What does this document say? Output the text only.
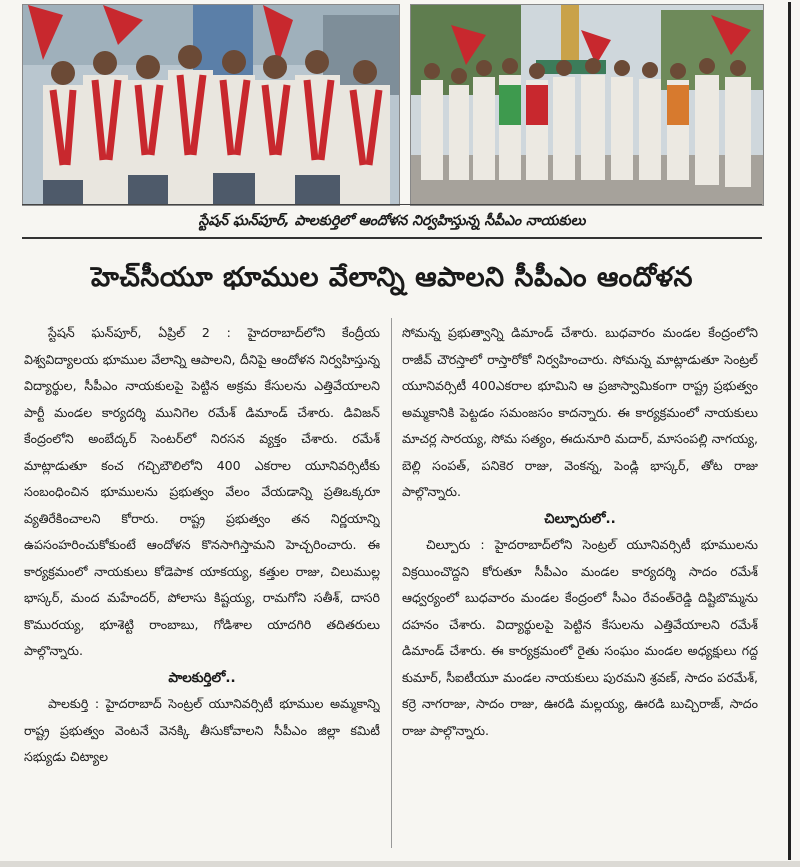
స్టేషన్ ఘన్‌పూర్, పాలకుర్తిలో ఆందోళన నిర్వహిస్తున్న సీపీఎం నాయకులు
హెచ్‌సీయూ భూముల వేలాన్ని ఆపాలని సీపీఎం ఆందోళన

స్టేషన్ ఘన్‌పూర్, ఏప్రిల్ 2 : హైదరాబాద్‌లోని కేంద్రీయ విశ్వవిద్యాలయ భూముల వేలాన్ని ఆపాలని, దీనిపై ఆందోళన నిర్వహిస్తున్న విద్యార్థుల, సీపీఎం నాయకులపై పెట్టిన అక్రమ కేసులను ఎత్తివేయాలని పార్టీ మండల కార్యదర్శి మునిగెల రమేశ్ డిమాండ్ చేశారు. డివిజన్ కేంద్రంలోని అంబేద్కర్ సెంటర్‌లో నిరసన వ్యక్తం చేశారు. రమేశ్ మాట్లాడుతూ కంచ గచ్చిబౌలిలోని 400 ఎకరాల యూనివర్సిటీకు సంబంధించిన భూములను ప్రభుత్వం వేలం వేయడాన్ని ప్రతిఒక్కరూ వ్యతిరేకించాలని కోరారు. రాష్ట్ర ప్రభుత్వం తన నిర్ణయాన్ని ఉపసంహరించుకోకుంటే ఆందోళన కొనసాగిస్తామని హెచ్చరించారు. ఈ కార్యక్రమంలో నాయకులు కోడెపాక యాకయ్య, కత్తుల రాజు, చిలుముల్ల భాస్కర్, మంద మహేందర్, పోలాసు కిష్టయ్య, రామగోని సతీశ్, దాసరి కొమురయ్య, భూశెట్టి రాంబాబు, గోడిశాల యాదగిరి తదితరులు పాల్గొన్నారు.

పాలకుర్తిలో..

పాలకుర్తి : హైదరాబాద్ సెంట్రల్ యూనివర్సిటీ భూముల అమ్మకాన్ని రాష్ట్ర ప్రభుత్వం వెంటనే వెనక్కి తీసుకోవాలని సీపీఎం జిల్లా కమిటీ సభ్యుడు చిట్యాల

సోమన్న ప్రభుత్వాన్ని డిమాండ్ చేశారు. బుధవారం మండల కేంద్రంలోని రాజీవ్ చౌరస్తాలో రాస్తారోకో నిర్వహించారు. సోమన్న మాట్లాడుతూ సెంట్రల్ యూనివర్సిటీ 400ఎకరాల భూమిని ఆ ప్రజాస్వామికంగా రాష్ట్ర ప్రభుత్వం అమ్మకానికి పెట్టడం సమంజసం కాదన్నారు. ఈ కార్యక్రమంలో నాయకులు మాచర్ల సారయ్య, సోమ సత్యం, ఈదునూరి మదార్, మాసంపల్లి నాగయ్య, బెల్లి సంపత్, పనికెర రాజు, వెంకన్న, పెండ్లి భాస్కర్, తోట రాజు పాల్గొన్నారు.

చిల్పూరులో..

చిల్పూరు : హైదరాబాద్‌లోని సెంట్రల్ యూనివర్సిటీ భూములను విక్రయించొద్దని కోరుతూ సీపీఎం మండల కార్యదర్శి సాదం రమేశ్ ఆధ్వర్యంలో బుధవారం మండల కేంద్రంలో సీఎం రేవంత్‌రెడ్డి దిష్టిబొమ్మను దహనం చేశారు. విద్యార్థులపై పెట్టిన కేసులను ఎత్తివేయాలని రమేశ్ డిమాండ్ చేశారు. ఈ కార్యక్రమంలో రైతు సంఘం మండల అధ్యక్షులు గద్ద కుమార్, సీఐటీయూ మండల నాయకులు పురమని శ్రవణ్, సాదం పరమేశ్, కర్రె నాగరాజు, సాదం రాజు, ఊరడి మల్లయ్య, ఊరడి బుచ్చిరాజ్, సాదం రాజు పాల్గొన్నారు.
